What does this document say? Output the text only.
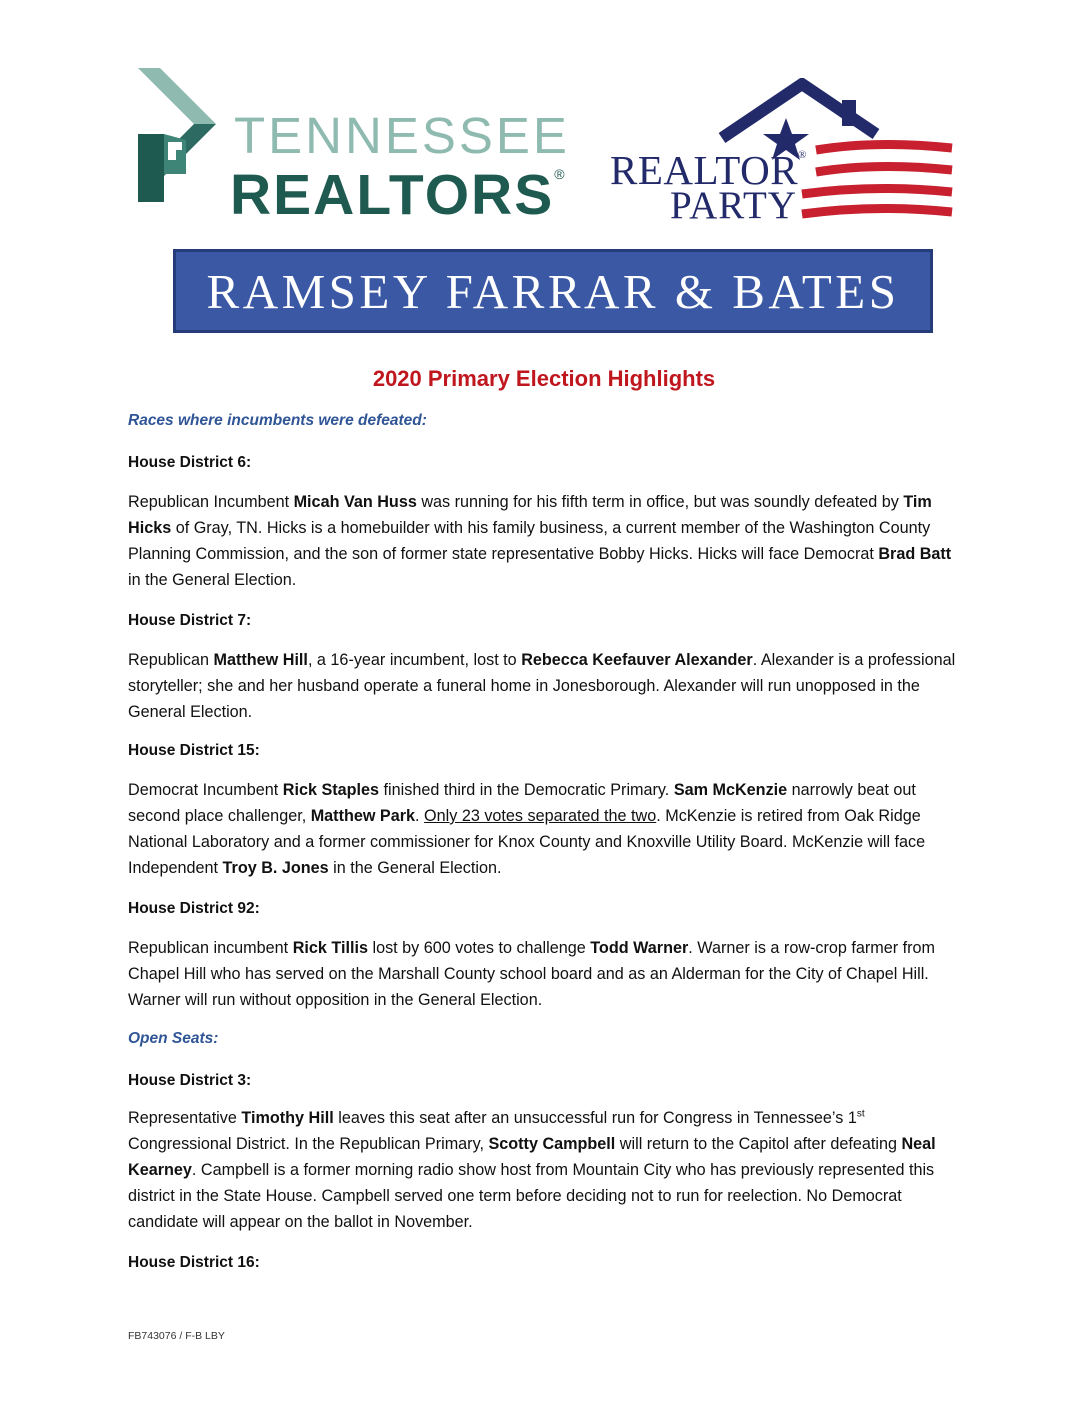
TENNESSEE
REALTORS® REALTOR®
PARTY
RAMSEY FARRAR & BATES
2020 Primary Election Highlights
Races where incumbents were defeated:
House District 6:
Republican Incumbent Micah Van Huss was running for his fifth term in office, but was soundly defeated by Tim Hicks of Gray, TN. Hicks is a homebuilder with his family business, a current member of the Washington County Planning Commission, and the son of former state representative Bobby Hicks. Hicks will face Democrat Brad Batt in the General Election.
House District 7:
Republican Matthew Hill, a 16-year incumbent, lost to Rebecca Keefauver Alexander. Alexander is a professional storyteller; she and her husband operate a funeral home in Jonesborough. Alexander will run unopposed in the General Election.
House District 15:
Democrat Incumbent Rick Staples finished third in the Democratic Primary. Sam McKenzie narrowly beat out second place challenger, Matthew Park. Only 23 votes separated the two. McKenzie is retired from Oak Ridge National Laboratory and a former commissioner for Knox County and Knoxville Utility Board. McKenzie will face Independent Troy B. Jones in the General Election.
House District 92:
Republican incumbent Rick Tillis lost by 600 votes to challenge Todd Warner. Warner is a row-crop farmer from Chapel Hill who has served on the Marshall County school board and as an Alderman for the City of Chapel Hill. Warner will run without opposition in the General Election.
Open Seats:
House District 3:
Representative Timothy Hill leaves this seat after an unsuccessful run for Congress in Tennessee’s 1st Congressional District. In the Republican Primary, Scotty Campbell will return to the Capitol after defeating Neal Kearney. Campbell is a former morning radio show host from Mountain City who has previously represented this district in the State House. Campbell served one term before deciding not to run for reelection. No Democrat candidate will appear on the ballot in November.
House District 16:
FB743076 / F-B LBY
